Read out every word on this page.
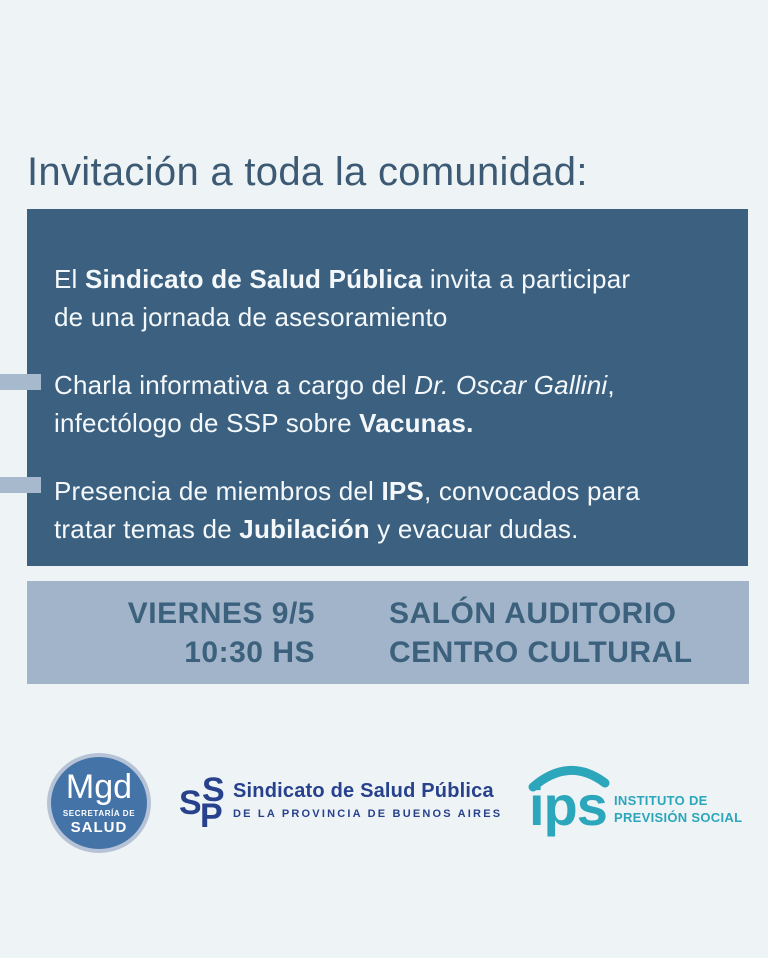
Invitación a toda la comunidad:

El Sindicato de Salud Pública invita a participar
de una jornada de asesoramiento

Charla informativa a cargo del Dr. Oscar Gallini,
infectólogo de SSP sobre Vacunas.

Presencia de miembros del IPS, convocados para
tratar temas de Jubilación y evacuar dudas.

VIERNES 9/5
10:30 HS
SALÓN AUDITORIO
CENTRO CULTURAL
Mgd
SECRETARÍA DE
SALUD
S
S
P
Sindicato de Salud Pública
DE LA PROVINCIA DE BUENOS AIRES ips INSTITUTO DE
PREVISIÓN SOCIAL
